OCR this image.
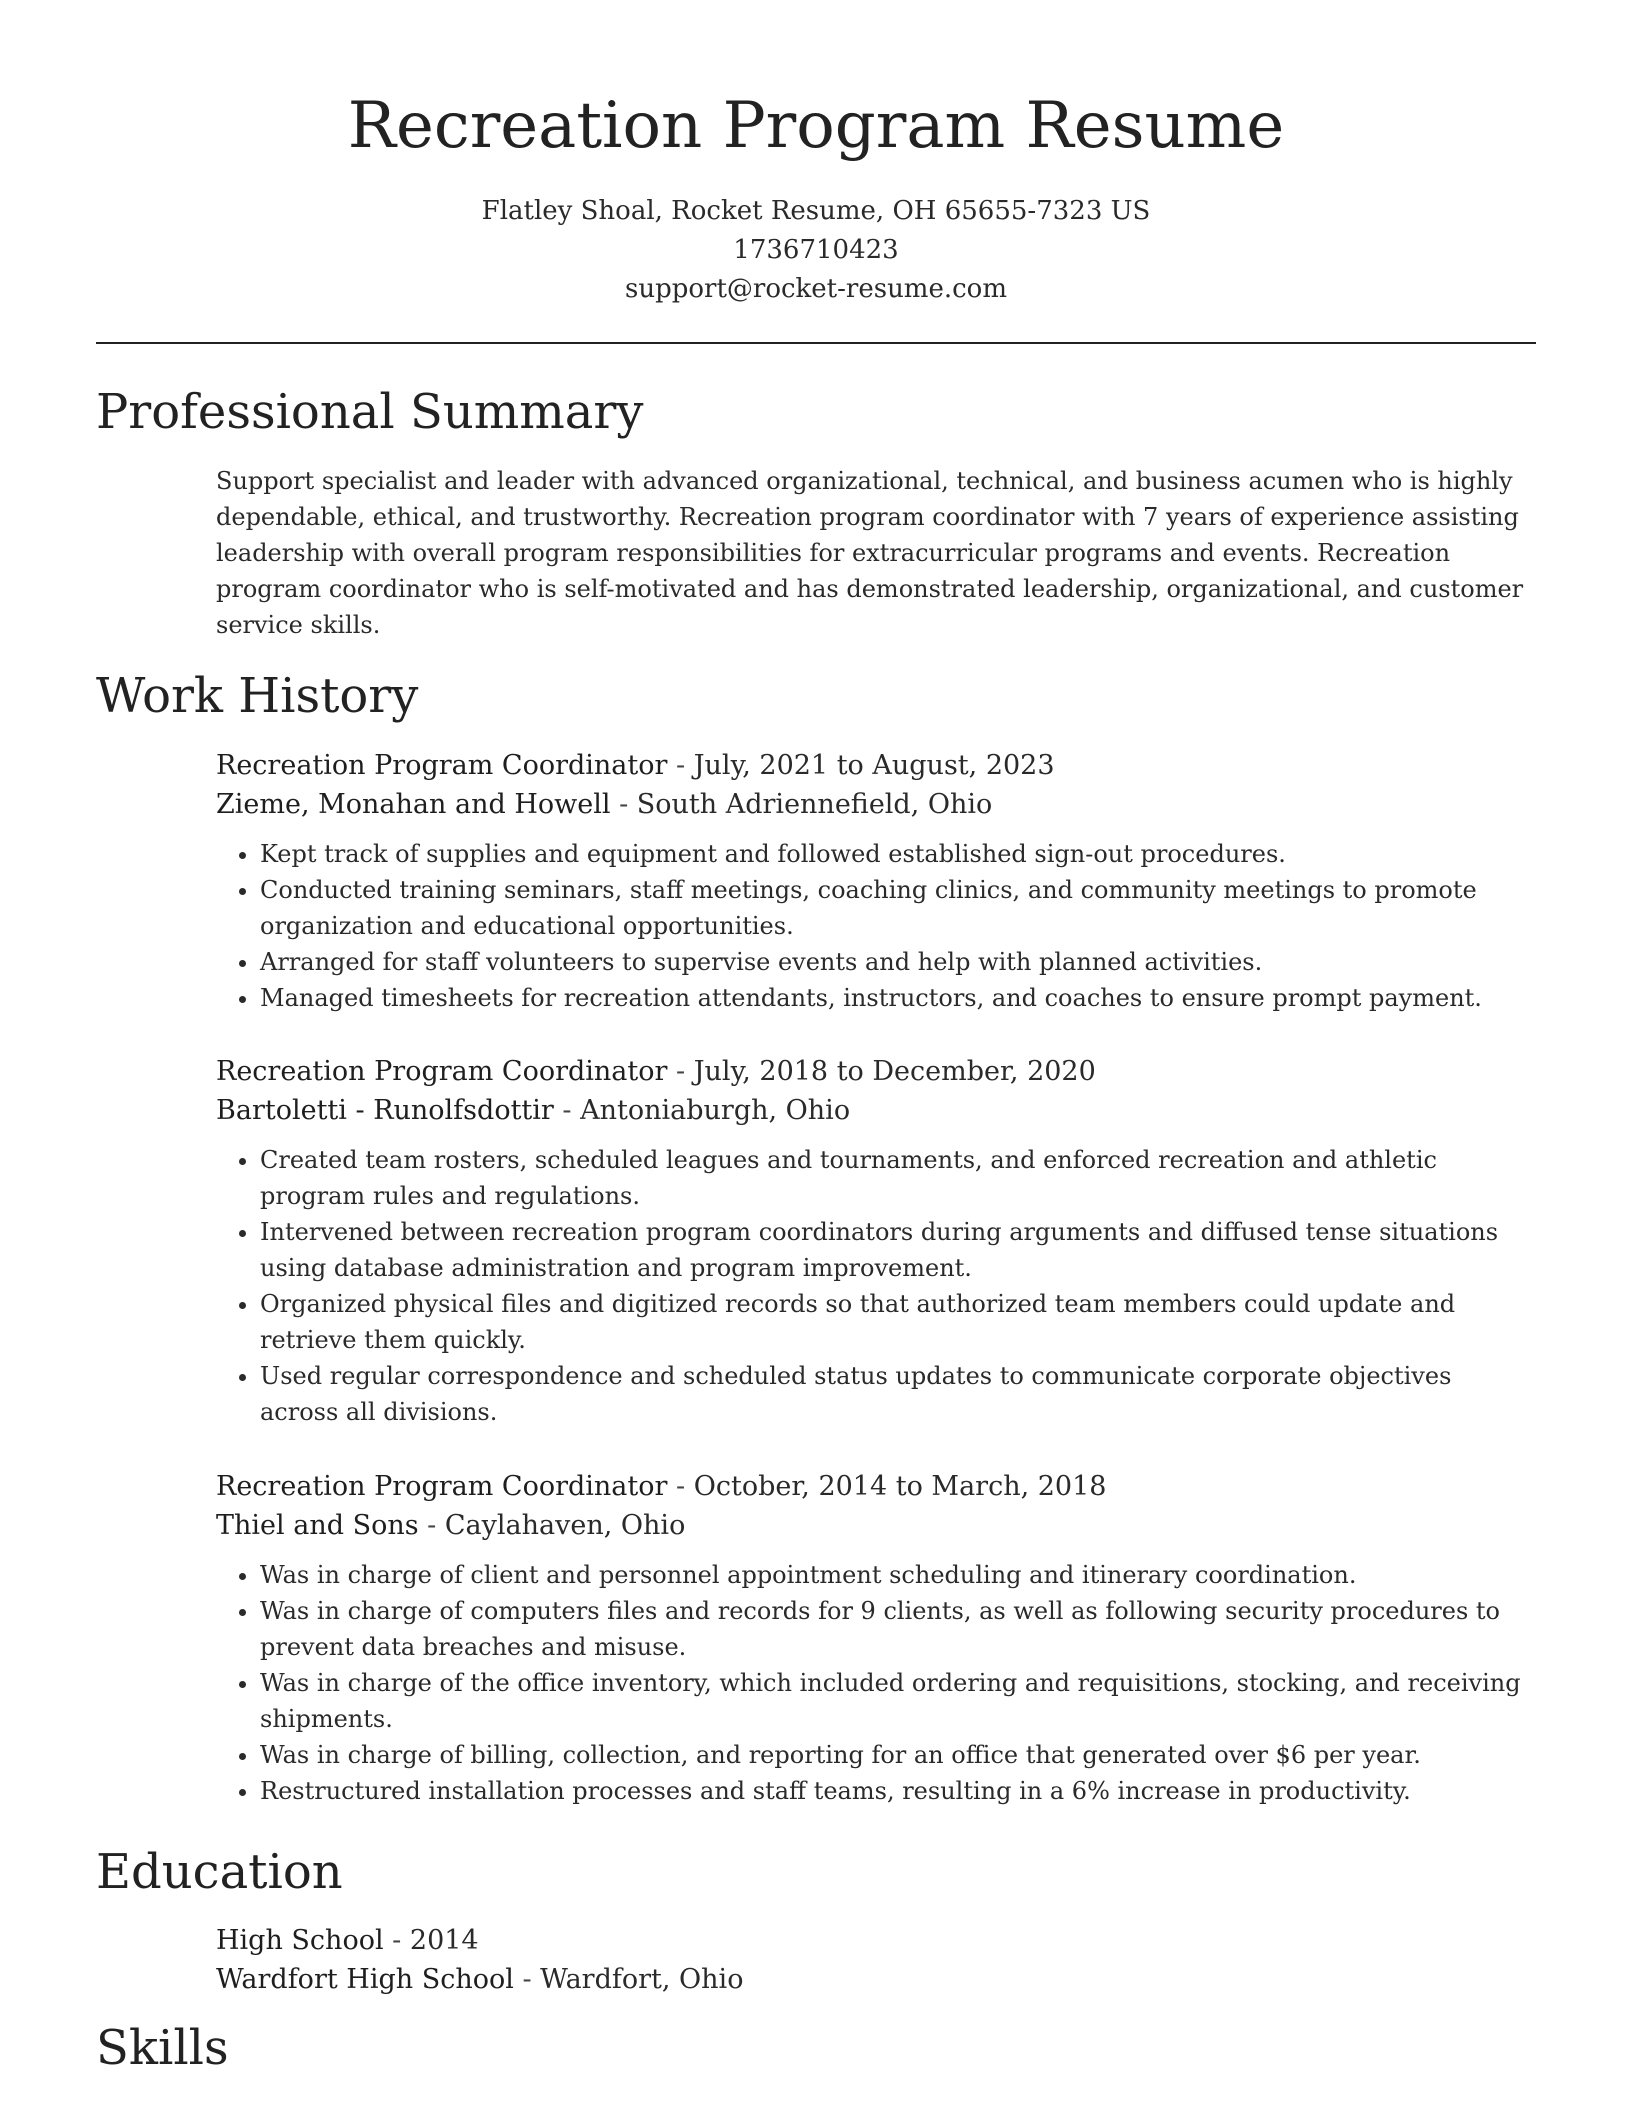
Recreation Program Resume
Flatley Shoal, Rocket Resume, OH 65655-7323 US
1736710423
support@rocket-resume.com
Professional Summary

Support specialist and leader with advanced organizational, technical, and business acumen who is highly dependable, ethical, and trustworthy. Recreation program coordinator with 7 years of experience assisting leadership with overall program responsibilities for extracurricular programs and events. Recreation program coordinator who is self-motivated and has demonstrated leadership, organizational, and customer service skills.

Work History
Recreation Program Coordinator - July, 2021 to August, 2023
Zieme, Monahan and Howell - South Adriennefield, Ohio
• Kept track of supplies and equipment and followed established sign-out procedures.
• Conducted training seminars, staff meetings, coaching clinics, and community meetings to promote organization and educational opportunities.
• Arranged for staff volunteers to supervise events and help with planned activities.
• Managed timesheets for recreation attendants, instructors, and coaches to ensure prompt payment.
Recreation Program Coordinator - July, 2018 to December, 2020
Bartoletti - Runolfsdottir - Antoniaburgh, Ohio
• Created team rosters, scheduled leagues and tournaments, and enforced recreation and athletic program rules and regulations.
• Intervened between recreation program coordinators during arguments and diffused tense situations using database administration and program improvement.
• Organized physical files and digitized records so that authorized team members could update and retrieve them quickly.
• Used regular correspondence and scheduled status updates to communicate corporate objectives across all divisions.
Recreation Program Coordinator - October, 2014 to March, 2018
Thiel and Sons - Caylahaven, Ohio
• Was in charge of client and personnel appointment scheduling and itinerary coordination.
• Was in charge of computers files and records for 9 clients, as well as following security procedures to prevent data breaches and misuse.
• Was in charge of the office inventory, which included ordering and requisitions, stocking, and receiving shipments.
• Was in charge of billing, collection, and reporting for an office that generated over $6 per year.
• Restructured installation processes and staff teams, resulting in a 6% increase in productivity.
Education
High School - 2014
Wardfort High School - Wardfort, Ohio
Skills
